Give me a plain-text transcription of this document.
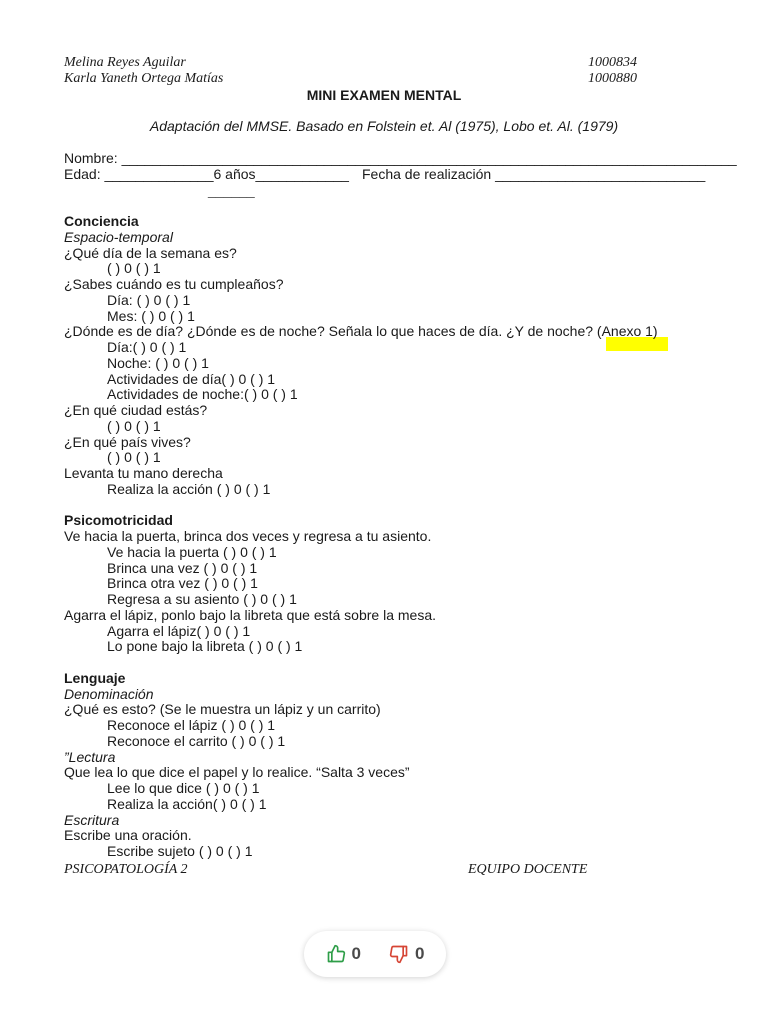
Melina Reyes Aguilar
Karla Yaneth Ortega Matías
1000834
1000880
MINI EXAMEN MENTAL
Adaptación del MMSE. Basado en Folstein et. Al (1975), Lobo et. Al. (1979)
Nombre: _______________________________________________________________________________
Edad: ______________6 años____________ Fecha de realización ___________________________
______
Conciencia
Espacio-temporal
¿Qué día de la semana es?
( ) 0 ( ) 1
¿Sabes cuándo es tu cumpleaños?
Día: ( ) 0 ( ) 1
Mes: ( ) 0 ( ) 1
¿Dónde es de día? ¿Dónde es de noche? Señala lo que haces de día. ¿Y de noche? (Anexo 1)
Día:( ) 0 ( ) 1
Noche: ( ) 0 ( ) 1
Actividades de día( ) 0 ( ) 1
Actividades de noche:( ) 0 ( ) 1
¿En qué ciudad estás?
( ) 0 ( ) 1
¿En qué país vives?
( ) 0 ( ) 1
Levanta tu mano derecha
Realiza la acción ( ) 0 ( ) 1
Psicomotricidad
Ve hacia la puerta, brinca dos veces y regresa a tu asiento.
Ve hacia la puerta ( ) 0 ( ) 1
Brinca una vez ( ) 0 ( ) 1
Brinca otra vez ( ) 0 ( ) 1
Regresa a su asiento ( ) 0 ( ) 1
Agarra el lápiz, ponlo bajo la libreta que está sobre la mesa.
Agarra el lápiz( ) 0 ( ) 1
Lo pone bajo la libreta ( ) 0 ( ) 1
Lenguaje
Denominación
¿Qué es esto? (Se le muestra un lápiz y un carrito)
Reconoce el lápiz ( ) 0 ( ) 1
Reconoce el carrito ( ) 0 ( ) 1
”Lectura
Que lea lo que dice el papel y lo realice. “Salta 3 veces”
Lee lo que dice ( ) 0 ( ) 1
Realiza la acción( ) 0 ( ) 1
Escritura
Escribe una oración.
Escribe sujeto ( ) 0 ( ) 1
PSICOPATOLOGÍA 2	EQUIPO DOCENTE
0	0
